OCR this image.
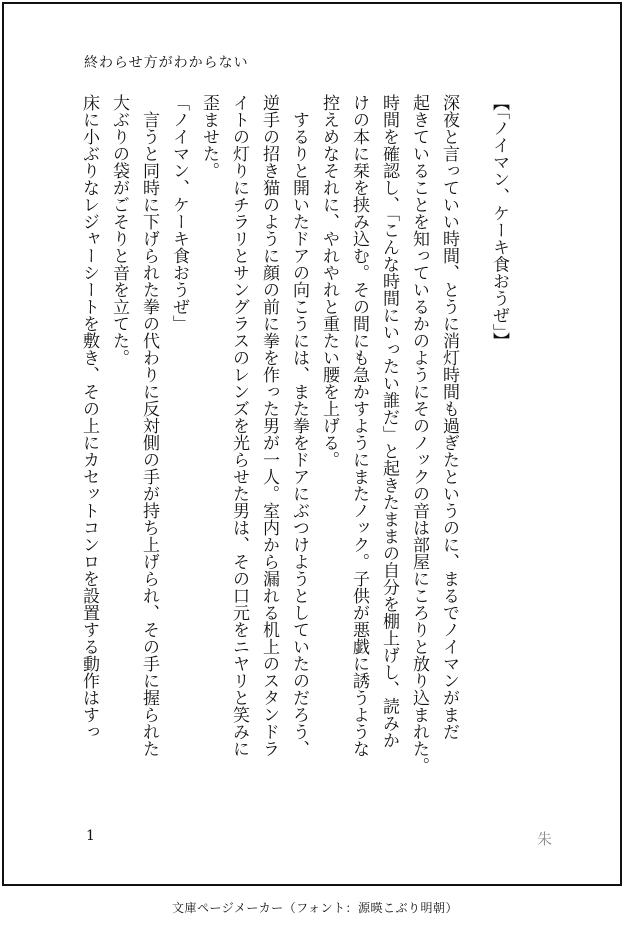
終わらせ方がわからない

【「ノイマン、ケーキ食おうぜ」】

深夜と言っていい時間、とうに消灯時間も過ぎたというのに、まるでノイマンがまだ

起きていることを知っているかのようにそのノックの音は部屋にころりと放り込まれた。

時間を確認し、「こんな時間にいったい誰だ」と起きたままの自分を棚上げし、読みか

けの本に栞を挟み込む。その間にも急かすようにまたノック。子供が悪戯に誘うような

控えめなそれに、やれやれと重たい腰を上げる。

　するりと開いたドアの向こうには、また拳をドアにぶつけようとしていたのだろう、

逆手の招き猫のように顔の前に拳を作った男が一人。室内から漏れる机上のスタンドラ

イトの灯りにチラリとサングラスのレンズを光らせた男は、その口元をニヤリと笑みに

歪ませた。

「ノイマン、ケーキ食おうぜ」

　言うと同時に下げられた拳の代わりに反対側の手が持ち上げられ、その手に握られた

大ぶりの袋がごそりと音を立てた。

床に小ぶりなレジャーシートを敷き、その上にカセットコンロを設置する動作はすっ

1	朱
文庫ページメーカー（フォント：源暎こぶり明朝）
